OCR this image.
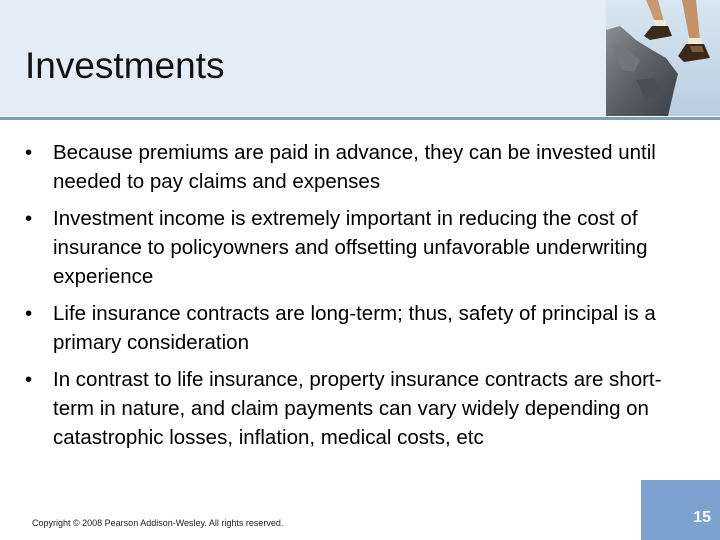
Investments
• Because premiums are paid in advance, they can be invested until needed to pay claims and expenses
• Investment income is extremely important in reducing the cost of insurance to policyowners and offsetting unfavorable underwriting experience
• Life insurance contracts are long-term; thus, safety of principal is a primary consideration
• In contrast to life insurance, property insurance contracts are short-term in nature, and claim payments can vary widely depending on catastrophic losses, inflation, medical costs, etc
Copyright © 2008 Pearson Addison-Wesley. All rights reserved.	15
